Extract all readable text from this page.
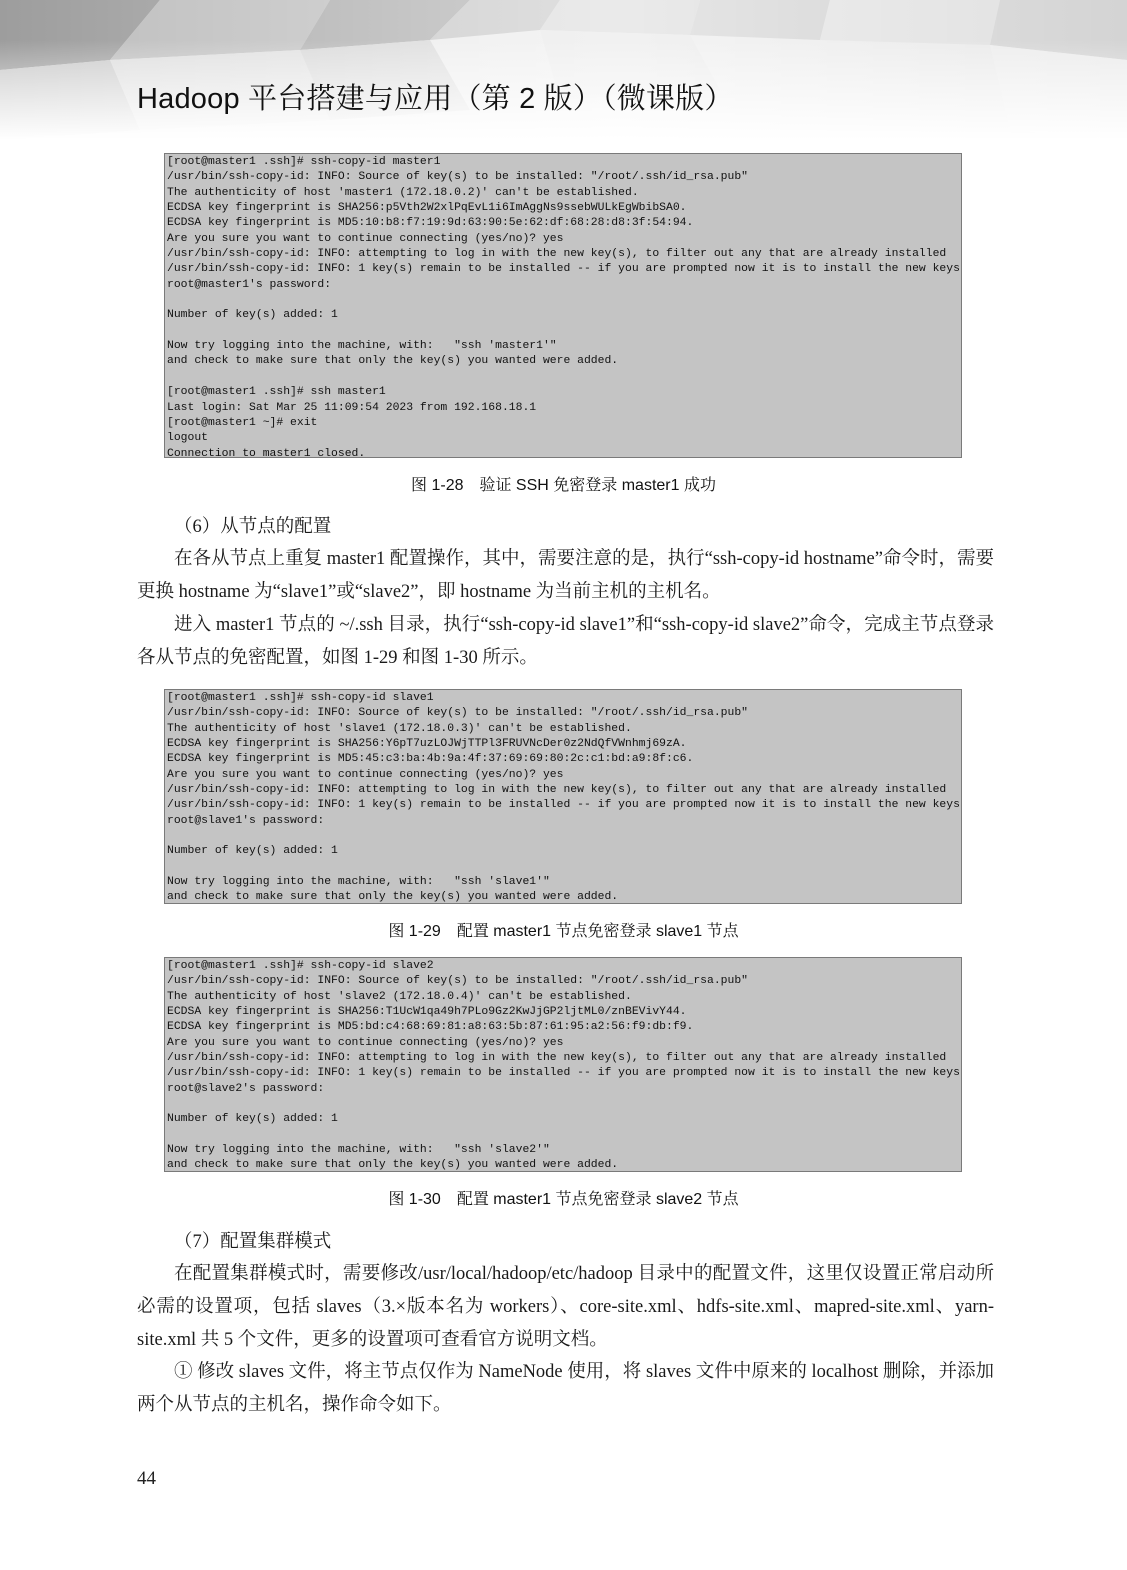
Hadoop 平台搭建与应用（第 2 版）（微课版）
[root@master1 .ssh]# ssh-copy-id master1
/usr/bin/ssh-copy-id: INFO: Source of key(s) to be installed: "/root/.ssh/id_rsa.pub"
The authenticity of host 'master1 (172.18.0.2)' can't be established.
ECDSA key fingerprint is SHA256:p5Vth2W2xlPqEvL1i6ImAggNs9ssebWULkEgWbibSA0.
ECDSA key fingerprint is MD5:10:b8:f7:19:9d:63:90:5e:62:df:68:28:d8:3f:54:94.
Are you sure you want to continue connecting (yes/no)? yes
/usr/bin/ssh-copy-id: INFO: attempting to log in with the new key(s), to filter out any that are already installed
/usr/bin/ssh-copy-id: INFO: 1 key(s) remain to be installed -- if you are prompted now it is to install the new keys
root@master1's password:
Number of key(s) added: 1
Now try logging into the machine, with:   "ssh 'master1'"
and check to make sure that only the key(s) you wanted were added.
[root@master1 .ssh]# ssh master1
Last login: Sat Mar 25 11:09:54 2023 from 192.168.18.1
[root@master1 ~]# exit
logout
Connection to master1 closed.
图 1-28　验证 SSH 免密登录 master1 成功
（6）从节点的配置
在各从节点上重复 master1 配置操作，其中，需要注意的是，执行“ssh-copy-id hostname”命令时，需要更换 hostname 为“slave1”或“slave2”，即 hostname 为当前主机的主机名。
进入 master1 节点的 ~/.ssh 目录，执行“ssh-copy-id slave1”和“ssh-copy-id slave2”命令，完成主节点登录各从节点的免密配置，如图 1-29 和图 1-30 所示。
[root@master1 .ssh]# ssh-copy-id slave1
/usr/bin/ssh-copy-id: INFO: Source of key(s) to be installed: "/root/.ssh/id_rsa.pub"
The authenticity of host 'slave1 (172.18.0.3)' can't be established.
ECDSA key fingerprint is SHA256:Y6pT7uzLOJWjTTPl3FRUVNcDer0z2NdQfVWnhmj69zA.
ECDSA key fingerprint is MD5:45:c3:ba:4b:9a:4f:37:69:69:80:2c:c1:bd:a9:8f:c6.
Are you sure you want to continue connecting (yes/no)? yes
/usr/bin/ssh-copy-id: INFO: attempting to log in with the new key(s), to filter out any that are already installed
/usr/bin/ssh-copy-id: INFO: 1 key(s) remain to be installed -- if you are prompted now it is to install the new keys
root@slave1's password:
Number of key(s) added: 1
Now try logging into the machine, with:   "ssh 'slave1'"
and check to make sure that only the key(s) you wanted were added.
图 1-29　配置 master1 节点免密登录 slave1 节点
[root@master1 .ssh]# ssh-copy-id slave2
/usr/bin/ssh-copy-id: INFO: Source of key(s) to be installed: "/root/.ssh/id_rsa.pub"
The authenticity of host 'slave2 (172.18.0.4)' can't be established.
ECDSA key fingerprint is SHA256:T1UcW1qa49h7PLo9Gz2KwJjGP2ljtML0/znBEVivY44.
ECDSA key fingerprint is MD5:bd:c4:68:69:81:a8:63:5b:87:61:95:a2:56:f9:db:f9.
Are you sure you want to continue connecting (yes/no)? yes
/usr/bin/ssh-copy-id: INFO: attempting to log in with the new key(s), to filter out any that are already installed
/usr/bin/ssh-copy-id: INFO: 1 key(s) remain to be installed -- if you are prompted now it is to install the new keys
root@slave2's password:
Number of key(s) added: 1
Now try logging into the machine, with:   "ssh 'slave2'"
and check to make sure that only the key(s) you wanted were added.
图 1-30　配置 master1 节点免密登录 slave2 节点
（7）配置集群模式
在配置集群模式时，需要修改/usr/local/hadoop/etc/hadoop 目录中的配置文件，这里仅设置正常启动所必需的设置项，包括 slaves（3.×版本名为 workers）、core-site.xml、hdfs-site.xml、mapred-site.xml、yarn-site.xml 共 5 个文件，更多的设置项可查看官方说明文档。
① 修改 slaves 文件，将主节点仅作为 NameNode 使用，将 slaves 文件中原来的 localhost 删除，并添加两个从节点的主机名，操作命令如下。
44
